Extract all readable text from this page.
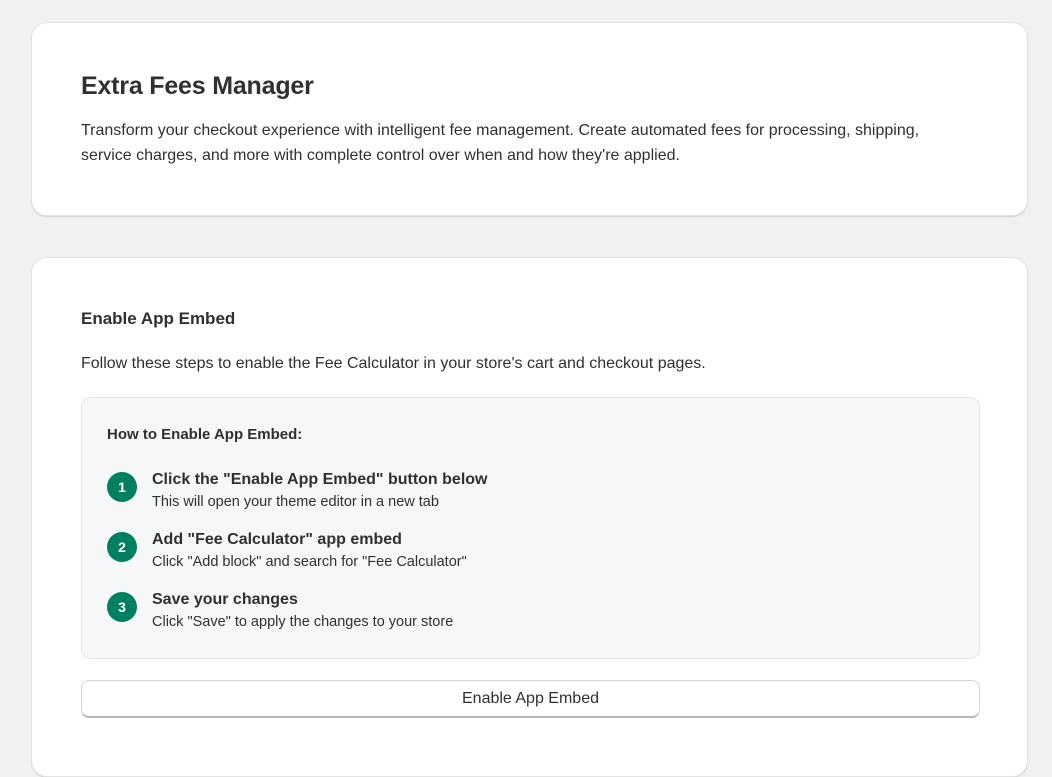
Extra Fees Manager

Transform your checkout experience with intelligent fee management. Create automated fees for processing, shipping, service charges, and more with complete control over when and how they're applied.

Enable App Embed

Follow these steps to enable the Fee Calculator in your store's cart and checkout pages.

How to Enable App Embed:
1	Click the "Enable App Embed" button below

This will open your theme editor in a new tab

2	Add "Fee Calculator" app embed

Click "Add block" and search for "Fee Calculator"

3	Save your changes

Click "Save" to apply the changes to your store

Enable App Embed
